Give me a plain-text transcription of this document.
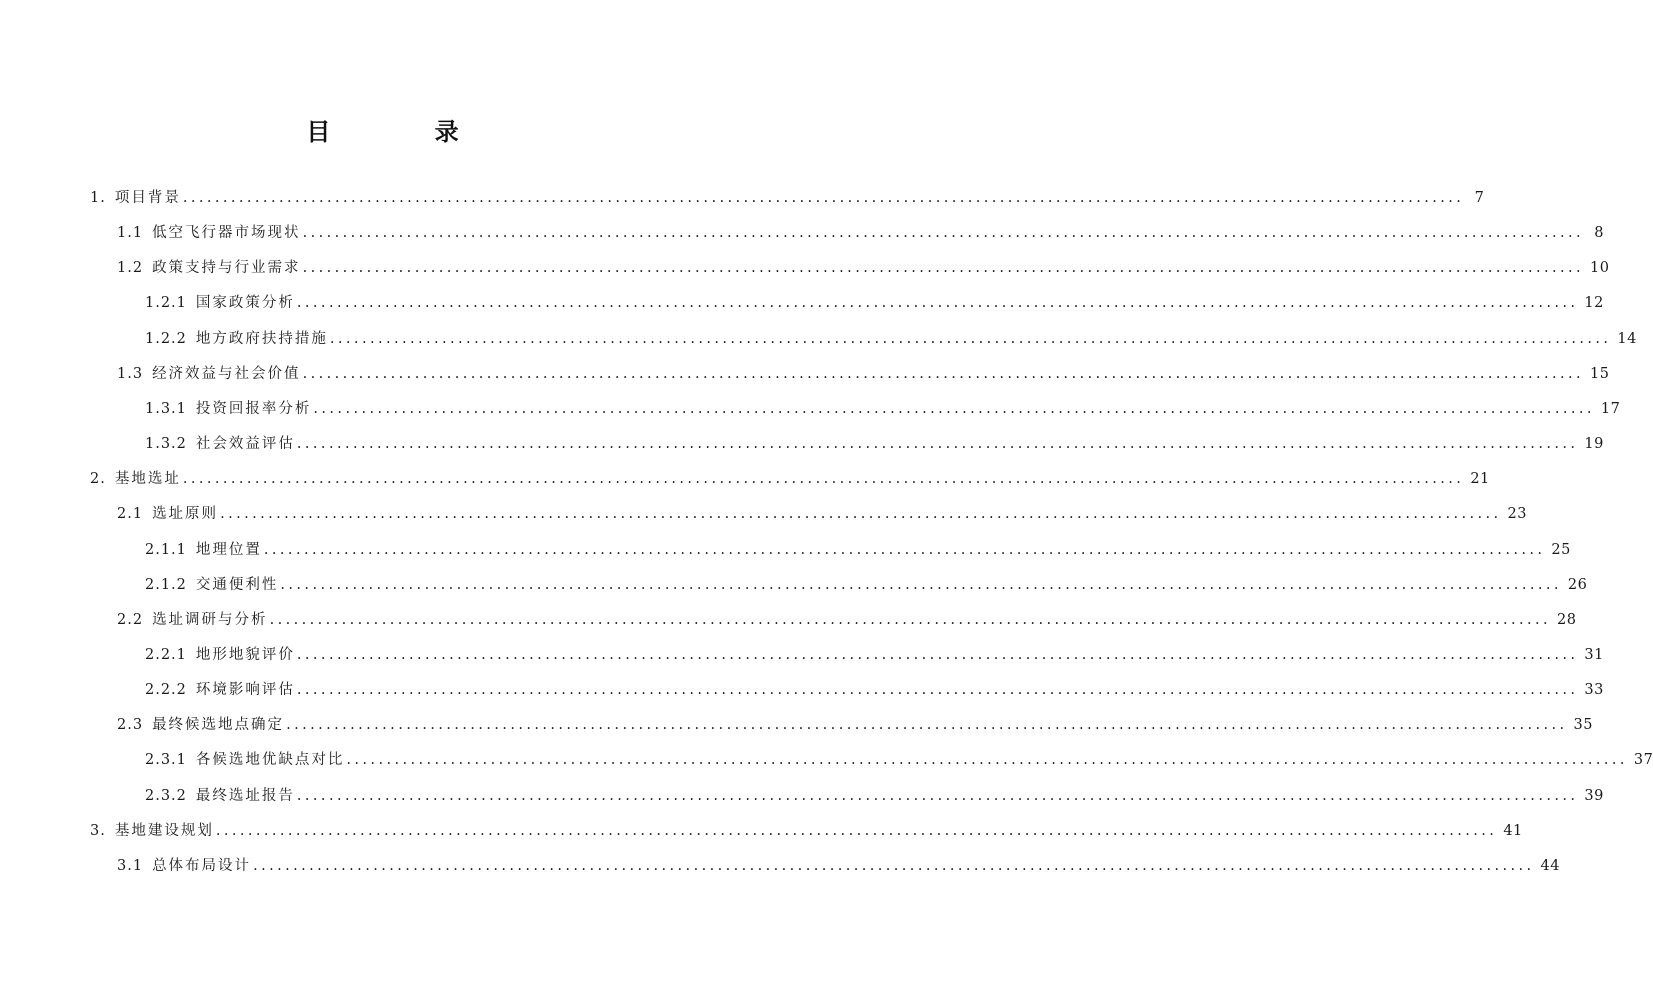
目 录
1. 项目背景 ................................................................................................................................................................ 7
1.1 低空飞行器市场现状 ................................................................................................................................................................ 8
1.2 政策支持与行业需求 ................................................................................................................................................................ 10
1.2.1 国家政策分析 ................................................................................................................................................................ 12
1.2.2 地方政府扶持措施 ................................................................................................................................................................ 14
1.3 经济效益与社会价值 ................................................................................................................................................................ 15
1.3.1 投资回报率分析 ................................................................................................................................................................ 17
1.3.2 社会效益评估 ................................................................................................................................................................ 19
2. 基地选址 ................................................................................................................................................................ 21
2.1 选址原则 ................................................................................................................................................................ 23
2.1.1 地理位置 ................................................................................................................................................................ 25
2.1.2 交通便利性 ................................................................................................................................................................ 26
2.2 选址调研与分析 ................................................................................................................................................................ 28
2.2.1 地形地貌评价 ................................................................................................................................................................ 31
2.2.2 环境影响评估 ................................................................................................................................................................ 33
2.3 最终候选地点确定 ................................................................................................................................................................ 35
2.3.1 各候选地优缺点对比 ................................................................................................................................................................ 37
2.3.2 最终选址报告 ................................................................................................................................................................ 39
3. 基地建设规划 ................................................................................................................................................................ 41
3.1 总体布局设计 ................................................................................................................................................................ 44
